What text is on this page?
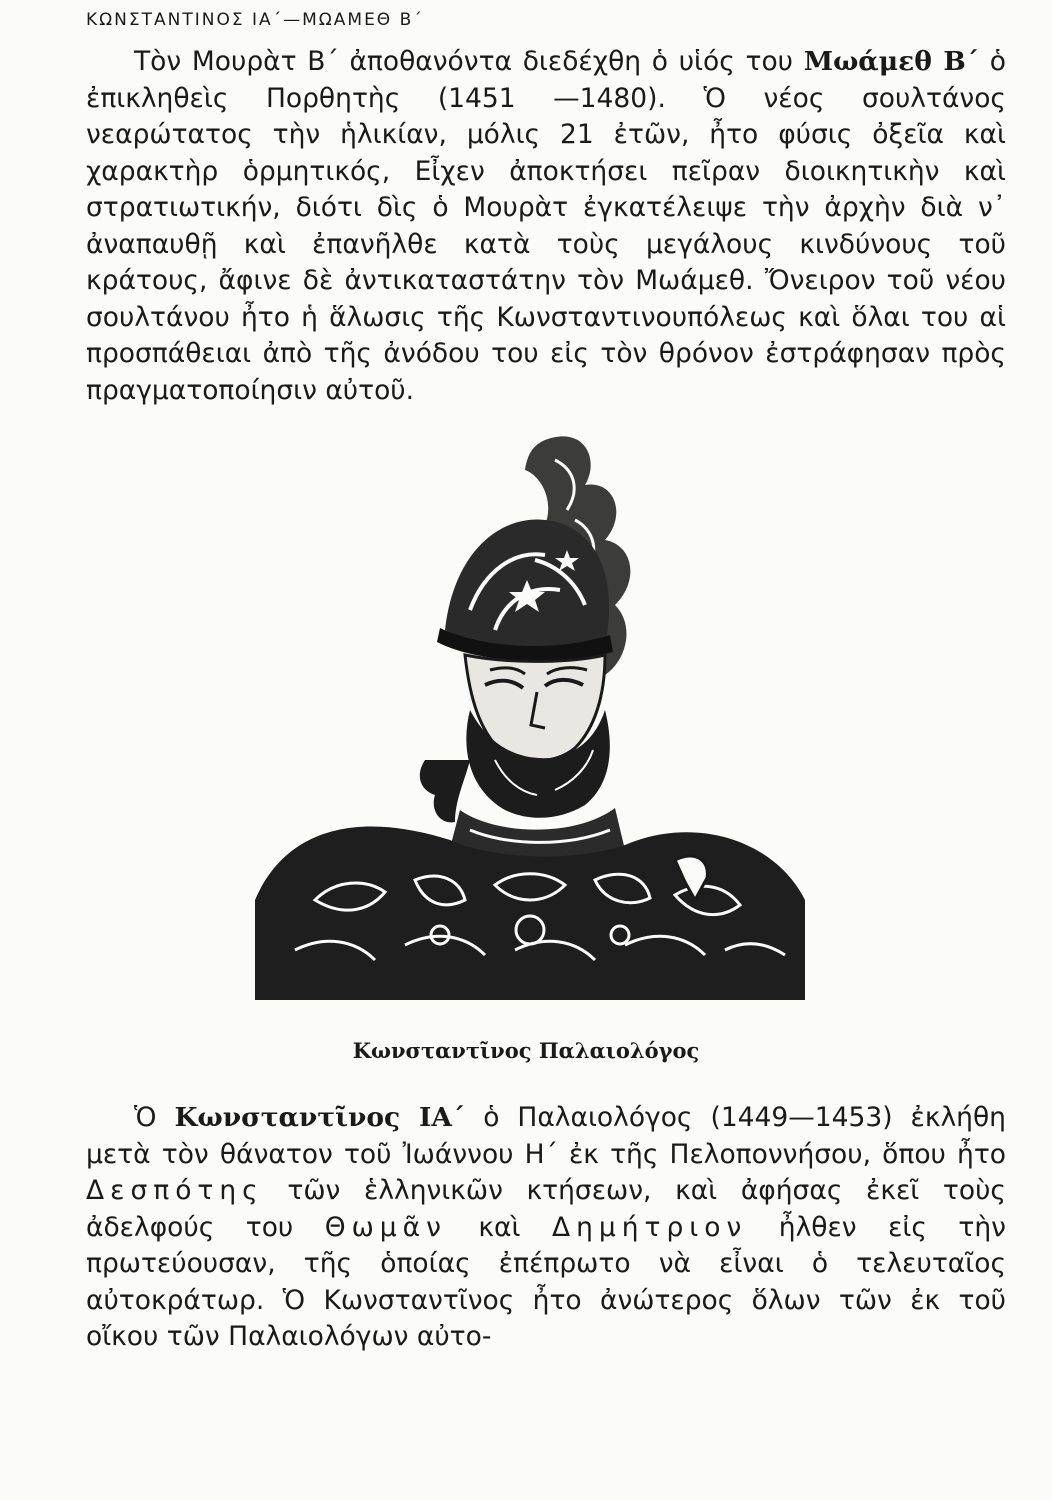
ΚΩΝΣΤΑΝΤΙΝΟΣ ΙΑ΄—ΜΩΑΜΕΘ Β΄

Τὸν Μουρὰτ Β΄ ἀποθανόντα διεδέχθη ὁ υἱός του Μωάμεθ Β΄ ὁ ἐπικληθεὶς Πορθητὴς (1451 —1480). Ὁ νέος σουλτάνος νεαρώτατος τὴν ἡλικίαν, μόλις 21 ἐτῶν, ἦτο φύσις ὀξεῖα καὶ χαρακτὴρ ὁρμητικός, Εἶχεν ἀποκτήσει πεῖραν διοικητικὴν καὶ στρατιωτικήν, διότι δὶς ὁ Μουρὰτ ἐγκατέλειψε τὴν ἀρχὴν διὰ ν᾿ ἀναπαυθῇ καὶ ἐπανῆλθε κατὰ τοὺς μεγάλους κινδύνους τοῦ κράτους, ἄφινε δὲ ἀντικαταστάτην τὸν Μωάμεθ. Ὄνειρον τοῦ νέου σουλτάνου ἦτο ἡ ἅλωσις τῆς Κωνσταντινουπόλεως καὶ ὅλαι του αἱ προσπάθειαι ἀπὸ τῆς ἀνόδου του εἰς τὸν θρόνον ἐστράφησαν πρὸς πραγματοποίησιν αὐτοῦ.

Κωνσταντῖνος Παλαιολόγος

Ὁ Κωνσταντῖνος ΙΑ΄ ὁ Παλαιολόγος (1449—1453) ἐκλήθη μετὰ τὸν θάνατον τοῦ Ἰωάννου Η΄ ἐκ τῆς Πελοποννήσου, ὅπου ἦτο Δεσπότης τῶν ἑλληνικῶν κτήσεων, καὶ ἀφήσας ἐκεῖ τοὺς ἀδελφούς του Θωμᾶν καὶ Δημήτριον ἦλθεν εἰς τὴν πρωτεύουσαν, τῆς ὁποίας ἐπέπρωτο νὰ εἶναι ὁ τελευταῖος αὐτοκράτωρ. Ὁ Κωνσταντῖνος ἦτο ἀνώτερος ὅλων τῶν ἐκ τοῦ οἴκου τῶν Παλαιολόγων αὐτο-
